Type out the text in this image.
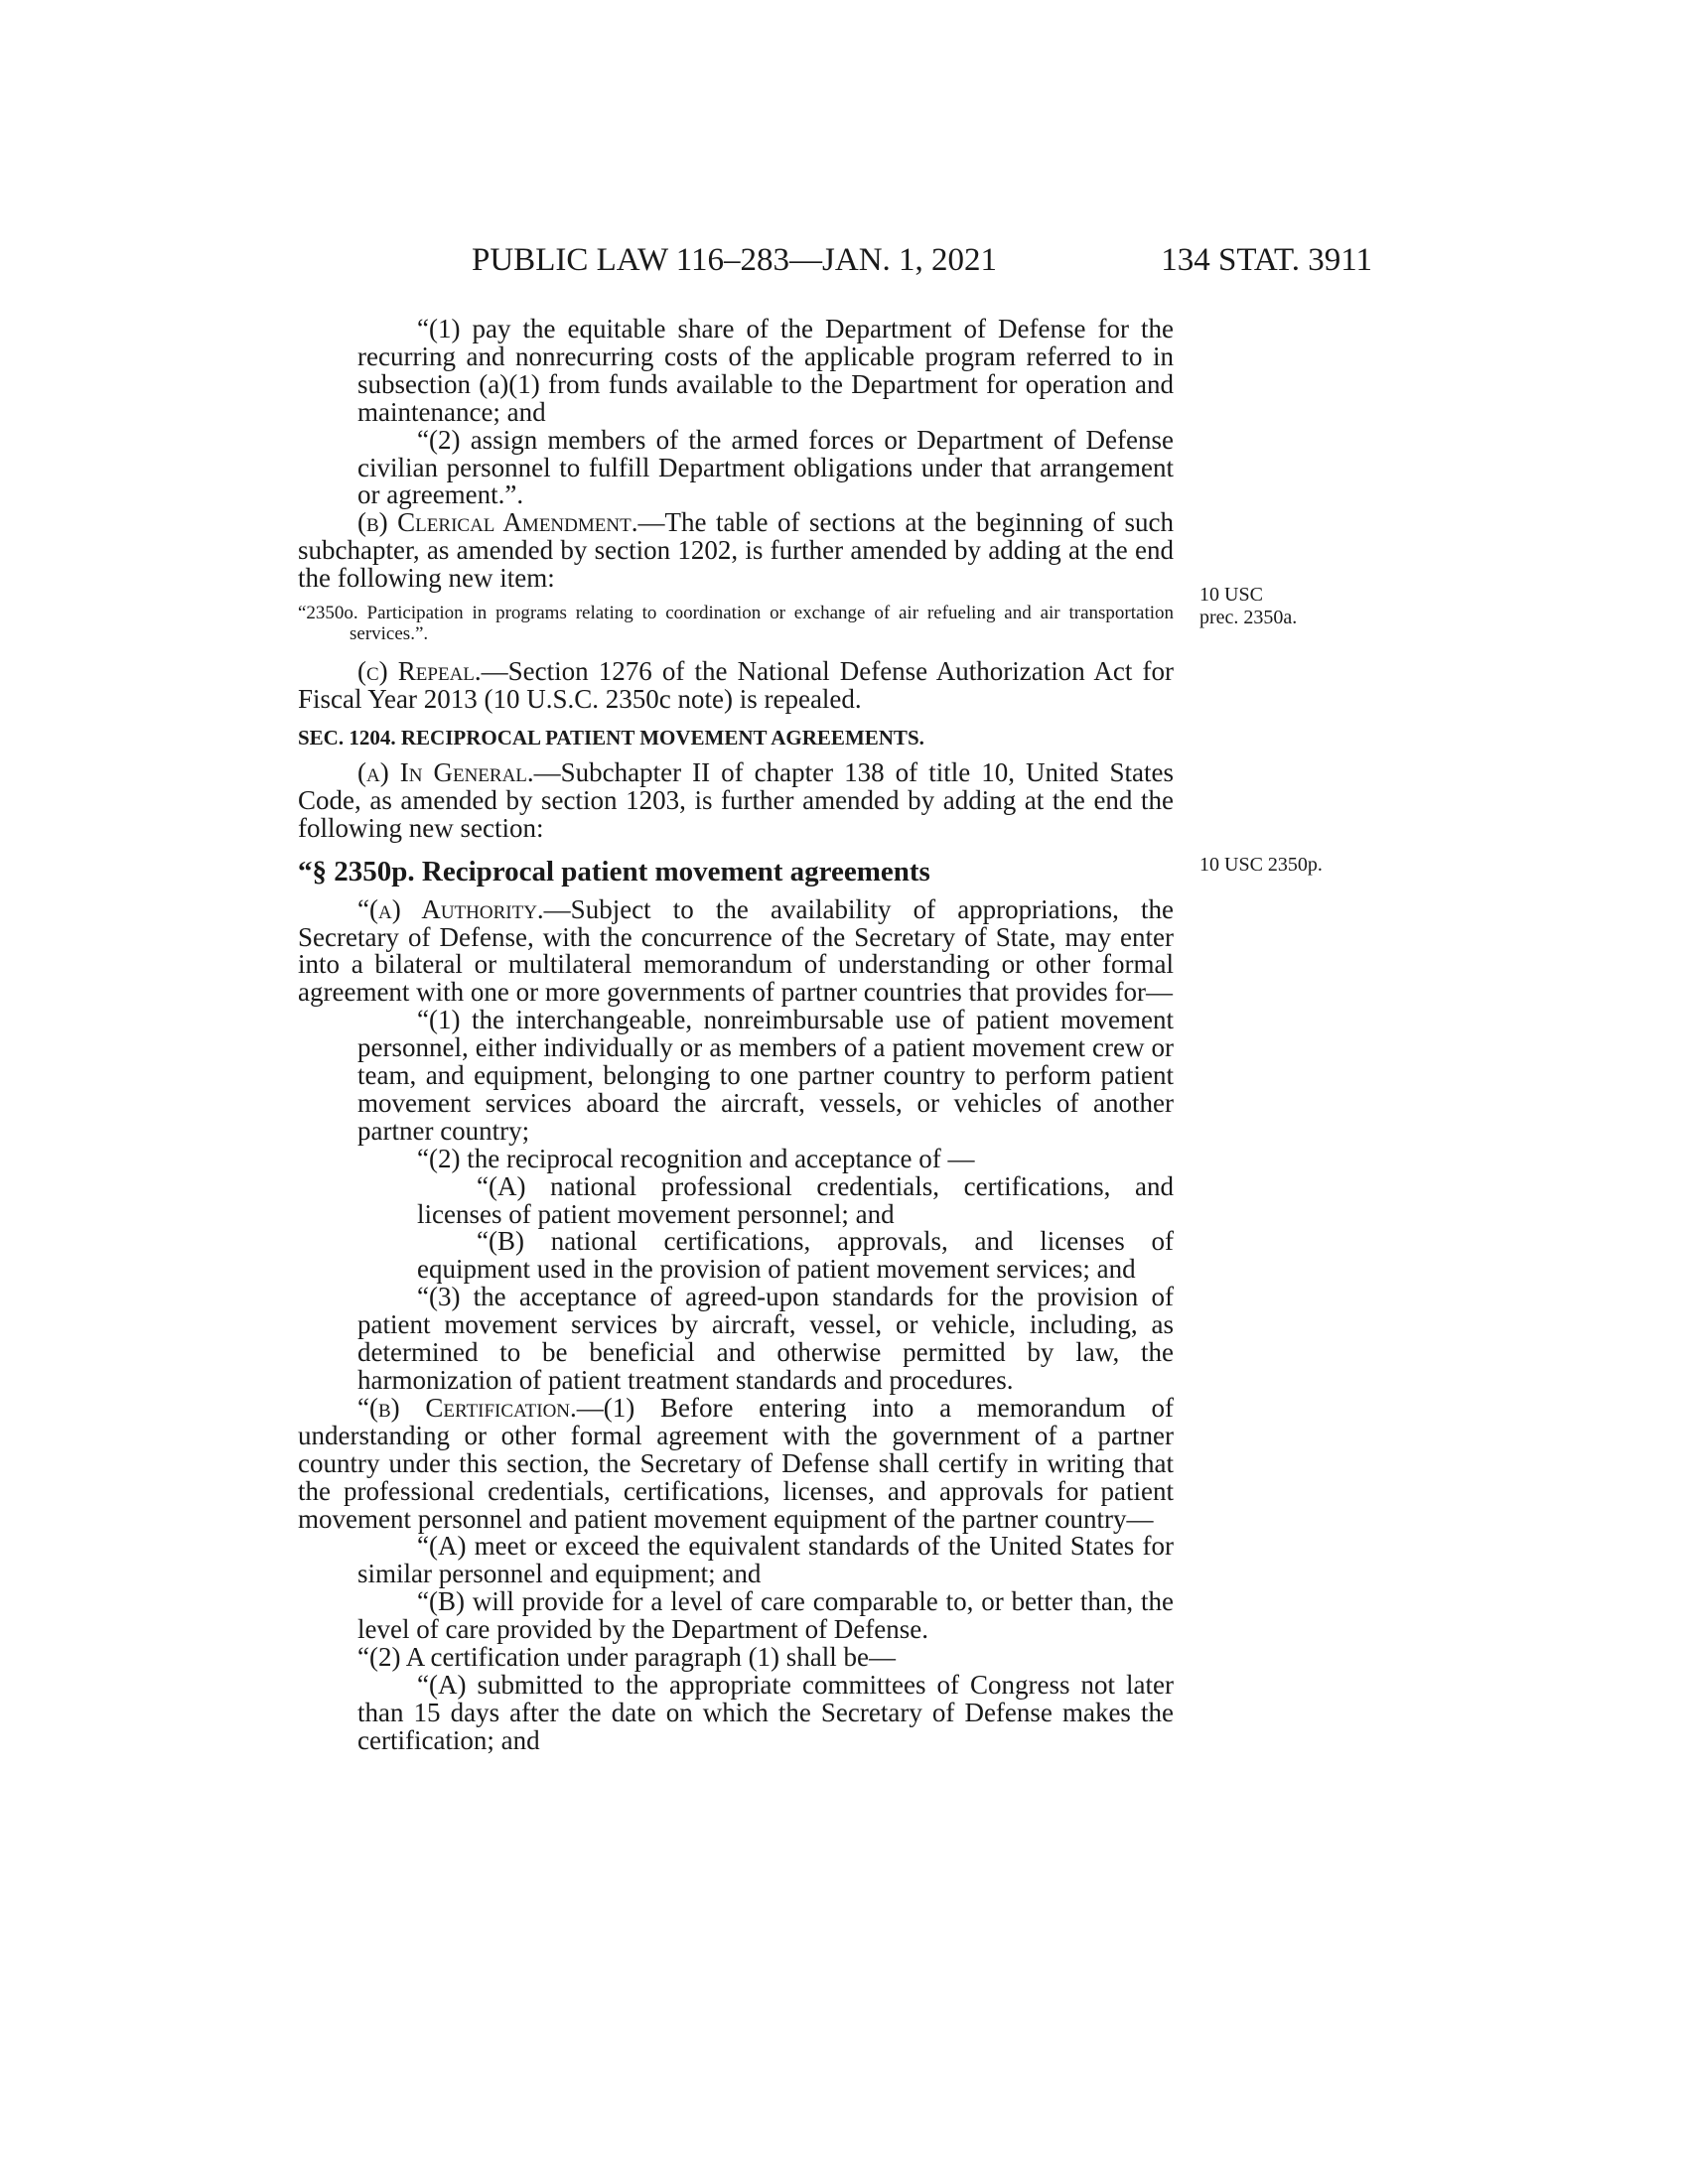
PUBLIC LAW 116–283—JAN. 1, 2021	134 STAT. 3911
10 USC
prec. 2350a.
10 USC 2350p.

“(1) pay the equitable share of the Department of Defense for the recurring and nonrecurring costs of the applicable program referred to in subsection (a)(1) from funds available to the Department for operation and maintenance; and

“(2) assign members of the armed forces or Department of Defense civilian personnel to fulfill Department obligations under that arrangement or agreement.”.

(b) Clerical Amendment.—The table of sections at the beginning of such subchapter, as amended by section 1202, is further amended by adding at the end the following new item:

“2350o. Participation in programs relating to coordination or exchange of air refueling and air transportation services.”.

(c) Repeal.—Section 1276 of the National Defense Authorization Act for Fiscal Year 2013 (10 U.S.C. 2350c note) is repealed.

SEC. 1204. RECIPROCAL PATIENT MOVEMENT AGREEMENTS.

(a) In General.—Subchapter II of chapter 138 of title 10, United States Code, as amended by section 1203, is further amended by adding at the end the following new section:

“§ 2350p. Reciprocal patient movement agreements

“(a) Authority.—Subject to the availability of appropriations, the Secretary of Defense, with the concurrence of the Secretary of State, may enter into a bilateral or multilateral memorandum of understanding or other formal agreement with one or more governments of partner countries that provides for—

“(1) the interchangeable, nonreimbursable use of patient movement personnel, either individually or as members of a patient movement crew or team, and equipment, belonging to one partner country to perform patient movement services aboard the aircraft, vessels, or vehicles of another partner country;

“(2) the reciprocal recognition and acceptance of —

“(A) national professional credentials, certifications, and licenses of patient movement personnel; and

“(B) national certifications, approvals, and licenses of equipment used in the provision of patient movement services; and

“(3) the acceptance of agreed-upon standards for the provision of patient movement services by aircraft, vessel, or vehicle, including, as determined to be beneficial and otherwise permitted by law, the harmonization of patient treatment standards and procedures.

“(b) Certification.—(1) Before entering into a memorandum of understanding or other formal agreement with the government of a partner country under this section, the Secretary of Defense shall certify in writing that the professional credentials, certifications, licenses, and approvals for patient movement personnel and patient movement equipment of the partner country—

“(A) meet or exceed the equivalent standards of the United States for similar personnel and equipment; and

“(B) will provide for a level of care comparable to, or better than, the level of care provided by the Department of Defense.

“(2) A certification under paragraph (1) shall be—

“(A) submitted to the appropriate committees of Congress not later than 15 days after the date on which the Secretary of Defense makes the certification; and
